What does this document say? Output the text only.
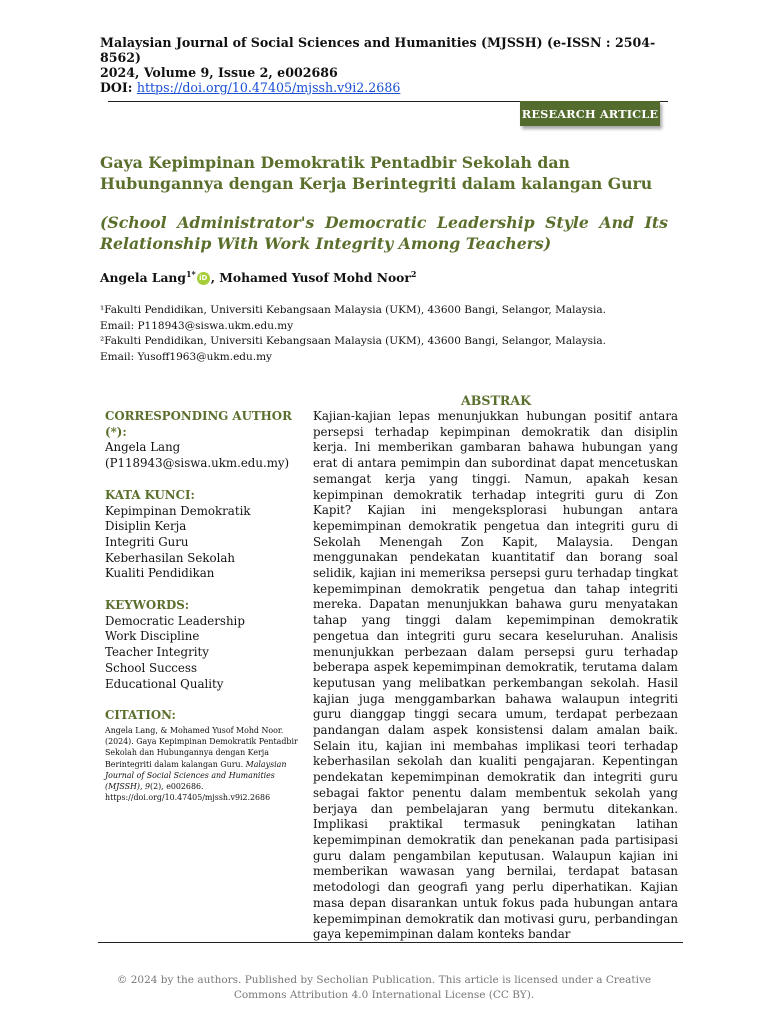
Malaysian Journal of Social Sciences and Humanities (MJSSH) (e-ISSN : 2504-8562)
2024, Volume 9, Issue 2, e002686
DOI: https://doi.org/10.47405/mjssh.v9i2.2686
RESEARCH ARTICLE
Gaya Kepimpinan Demokratik Pentadbir Sekolah dan Hubungannya dengan Kerja Berintegriti dalam kalangan Guru
(School Administrator's Democratic Leadership Style And Its Relationship With Work Integrity Among Teachers)
Angela Lang$^{1*}$ iD , Mohamed Yusof Mohd Noor$^2$
¹Fakulti Pendidikan, Universiti Kebangsaan Malaysia (UKM), 43600 Bangi, Selangor, Malaysia.
Email: P118943@siswa.ukm.edu.my
²Fakulti Pendidikan, Universiti Kebangsaan Malaysia (UKM), 43600 Bangi, Selangor, Malaysia.
Email: Yusoff1963@ukm.edu.my
ABSTRAK
CORRESPONDING AUTHOR (*):
Angela Lang
(P118943@siswa.ukm.edu.my)
KATA KUNCI:
Kepimpinan Demokratik
Disiplin Kerja
Integriti Guru
Keberhasilan Sekolah
Kualiti Pendidikan
KEYWORDS:
Democratic Leadership
Work Discipline
Teacher Integrity
School Success
Educational Quality
CITATION:
Angela Lang, & Mohamed Yusof Mohd Noor. (2024). Gaya Kepimpinan Demokratik Pentadbir Sekolah dan Hubungannya dengan Kerja Berintegriti dalam kalangan Guru. Malaysian Journal of Social Sciences and Humanities (MJSSH), 9(2), e002686. https://doi.org/10.47405/mjssh.v9i2.2686
Kajian-kajian lepas menunjukkan hubungan positif antara persepsi terhadap kepimpinan demokratik dan disiplin kerja. Ini memberikan gambaran bahawa hubungan yang erat di antara pemimpin dan subordinat dapat mencetuskan semangat kerja yang tinggi. Namun, apakah kesan kepimpinan demokratik terhadap integriti guru di Zon Kapit? Kajian ini mengeksplorasi hubungan antara kepemimpinan demokratik pengetua dan integriti guru di Sekolah Menengah Zon Kapit, Malaysia. Dengan menggunakan pendekatan kuantitatif dan borang soal selidik, kajian ini memeriksa persepsi guru terhadap tingkat kepemimpinan demokratik pengetua dan tahap integriti mereka. Dapatan menunjukkan bahawa guru menyatakan tahap yang tinggi dalam kepemimpinan demokratik pengetua dan integriti guru secara keseluruhan. Analisis menunjukkan perbezaan dalam persepsi guru terhadap beberapa aspek kepemimpinan demokratik, terutama dalam keputusan yang melibatkan perkembangan sekolah. Hasil kajian juga menggambarkan bahawa walaupun integriti guru dianggap tinggi secara umum, terdapat perbezaan pandangan dalam aspek konsistensi dalam amalan baik. Selain itu, kajian ini membahas implikasi teori terhadap keberhasilan sekolah dan kualiti pengajaran. Kepentingan pendekatan kepemimpinan demokratik dan integriti guru sebagai faktor penentu dalam membentuk sekolah yang berjaya dan pembelajaran yang bermutu ditekankan. Implikasi praktikal termasuk peningkatan latihan kepemimpinan demokratik dan penekanan pada partisipasi guru dalam pengambilan keputusan. Walaupun kajian ini memberikan wawasan yang bernilai, terdapat batasan metodologi dan geografi yang perlu diperhatikan. Kajian masa depan disarankan untuk fokus pada hubungan antara kepemimpinan demokratik dan motivasi guru, perbandingan gaya kepemimpinan dalam konteks bandar
© 2024 by the authors. Published by Secholian Publication. This article is licensed under a Creative Commons Attribution 4.0 International License (CC BY).
